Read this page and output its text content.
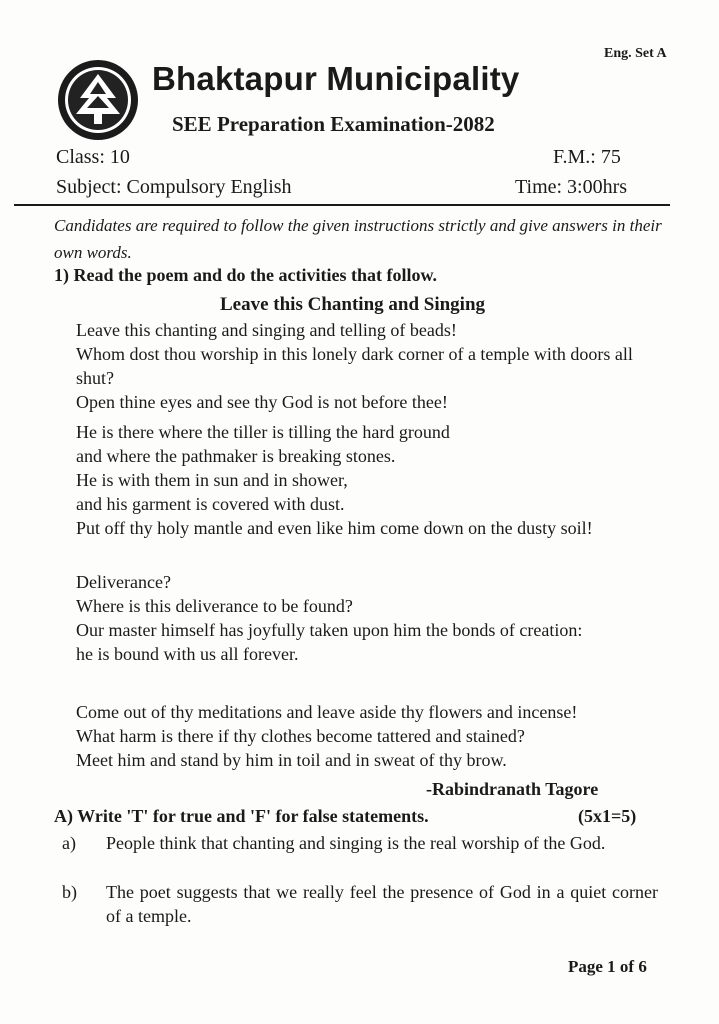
Eng. Set A
Bhaktapur Municipality
SEE Preparation Examination-2082
Class: 10	F.M.: 75
Subject: Compulsory English	Time: 3:00hrs
Candidates are required to follow the given instructions strictly and give answers in their own words.
1) Read the poem and do the activities that follow.
Leave this Chanting and Singing

Leave this chanting and singing and telling of beads!

Whom dost thou worship in this lonely dark corner of a temple with doors all shut?

Open thine eyes and see thy God is not before thee!

He is there where the tiller is tilling the hard ground

and where the pathmaker is breaking stones.

He is with them in sun and in shower,

and his garment is covered with dust.

Put off thy holy mantle and even like him come down on the dusty soil!

Deliverance?

Where is this deliverance to be found?

Our master himself has joyfully taken upon him the bonds of creation:

he is bound with us all forever.

Come out of thy meditations and leave aside thy flowers and incense!

What harm is there if thy clothes become tattered and stained?

Meet him and stand by him in toil and in sweat of thy brow.

-Rabindranath Tagore
A) Write 'T' for true and 'F' for false statements.	(5x1=5)
a) People think that chanting and singing is the real worship of the God.
b) The poet suggests that we really feel the presence of God in a quiet corner of a temple.
Page 1 of 6
